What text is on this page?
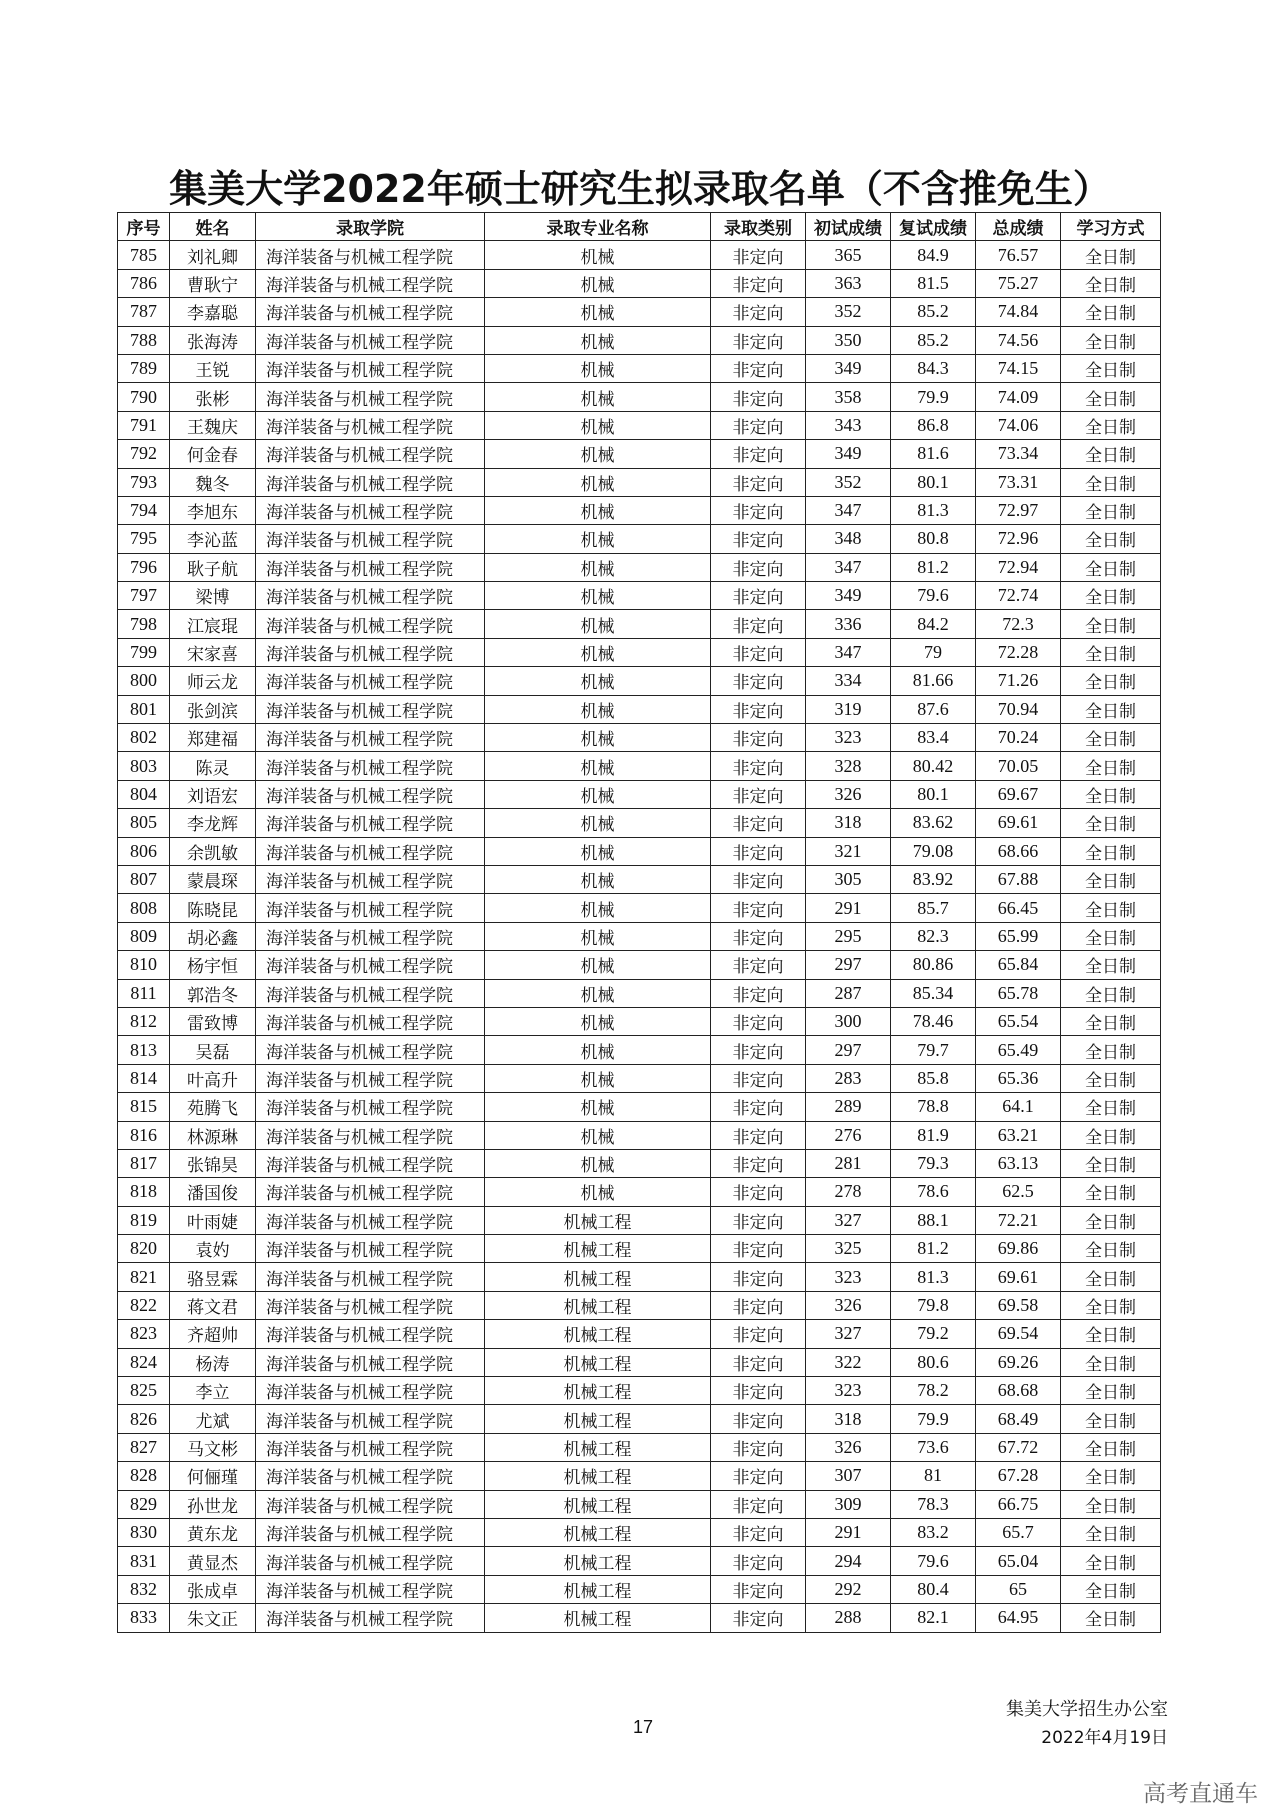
集美大学2022年硕士研究生拟录取名单（不含推免生）
序号	姓名	录取学院	录取专业名称	录取类别	初试成绩	复试成绩	总成绩	学习方式
785	刘礼卿	海洋装备与机械工程学院	机械	非定向	365	84.9	76.57	全日制
786	曹耿宁	海洋装备与机械工程学院	机械	非定向	363	81.5	75.27	全日制
787	李嘉聪	海洋装备与机械工程学院	机械	非定向	352	85.2	74.84	全日制
788	张海涛	海洋装备与机械工程学院	机械	非定向	350	85.2	74.56	全日制
789	王锐	海洋装备与机械工程学院	机械	非定向	349	84.3	74.15	全日制
790	张彬	海洋装备与机械工程学院	机械	非定向	358	79.9	74.09	全日制
791	王魏庆	海洋装备与机械工程学院	机械	非定向	343	86.8	74.06	全日制
792	何金春	海洋装备与机械工程学院	机械	非定向	349	81.6	73.34	全日制
793	魏冬	海洋装备与机械工程学院	机械	非定向	352	80.1	73.31	全日制
794	李旭东	海洋装备与机械工程学院	机械	非定向	347	81.3	72.97	全日制
795	李沁蓝	海洋装备与机械工程学院	机械	非定向	348	80.8	72.96	全日制
796	耿子航	海洋装备与机械工程学院	机械	非定向	347	81.2	72.94	全日制
797	梁博	海洋装备与机械工程学院	机械	非定向	349	79.6	72.74	全日制
798	江宸琨	海洋装备与机械工程学院	机械	非定向	336	84.2	72.3	全日制
799	宋家喜	海洋装备与机械工程学院	机械	非定向	347	79	72.28	全日制
800	师云龙	海洋装备与机械工程学院	机械	非定向	334	81.66	71.26	全日制
801	张剑滨	海洋装备与机械工程学院	机械	非定向	319	87.6	70.94	全日制
802	郑建福	海洋装备与机械工程学院	机械	非定向	323	83.4	70.24	全日制
803	陈灵	海洋装备与机械工程学院	机械	非定向	328	80.42	70.05	全日制
804	刘语宏	海洋装备与机械工程学院	机械	非定向	326	80.1	69.67	全日制
805	李龙辉	海洋装备与机械工程学院	机械	非定向	318	83.62	69.61	全日制
806	余凯敏	海洋装备与机械工程学院	机械	非定向	321	79.08	68.66	全日制
807	蒙晨琛	海洋装备与机械工程学院	机械	非定向	305	83.92	67.88	全日制
808	陈晓昆	海洋装备与机械工程学院	机械	非定向	291	85.7	66.45	全日制
809	胡必鑫	海洋装备与机械工程学院	机械	非定向	295	82.3	65.99	全日制
810	杨宇恒	海洋装备与机械工程学院	机械	非定向	297	80.86	65.84	全日制
811	郭浩冬	海洋装备与机械工程学院	机械	非定向	287	85.34	65.78	全日制
812	雷致博	海洋装备与机械工程学院	机械	非定向	300	78.46	65.54	全日制
813	吴磊	海洋装备与机械工程学院	机械	非定向	297	79.7	65.49	全日制
814	叶高升	海洋装备与机械工程学院	机械	非定向	283	85.8	65.36	全日制
815	苑腾飞	海洋装备与机械工程学院	机械	非定向	289	78.8	64.1	全日制
816	林源琳	海洋装备与机械工程学院	机械	非定向	276	81.9	63.21	全日制
817	张锦昊	海洋装备与机械工程学院	机械	非定向	281	79.3	63.13	全日制
818	潘国俊	海洋装备与机械工程学院	机械	非定向	278	78.6	62.5	全日制
819	叶雨婕	海洋装备与机械工程学院	机械工程	非定向	327	88.1	72.21	全日制
820	袁妁	海洋装备与机械工程学院	机械工程	非定向	325	81.2	69.86	全日制
821	骆昱霖	海洋装备与机械工程学院	机械工程	非定向	323	81.3	69.61	全日制
822	蒋文君	海洋装备与机械工程学院	机械工程	非定向	326	79.8	69.58	全日制
823	齐超帅	海洋装备与机械工程学院	机械工程	非定向	327	79.2	69.54	全日制
824	杨涛	海洋装备与机械工程学院	机械工程	非定向	322	80.6	69.26	全日制
825	李立	海洋装备与机械工程学院	机械工程	非定向	323	78.2	68.68	全日制
826	尤斌	海洋装备与机械工程学院	机械工程	非定向	318	79.9	68.49	全日制
827	马文彬	海洋装备与机械工程学院	机械工程	非定向	326	73.6	67.72	全日制
828	何俪瑾	海洋装备与机械工程学院	机械工程	非定向	307	81	67.28	全日制
829	孙世龙	海洋装备与机械工程学院	机械工程	非定向	309	78.3	66.75	全日制
830	黄东龙	海洋装备与机械工程学院	机械工程	非定向	291	83.2	65.7	全日制
831	黄显杰	海洋装备与机械工程学院	机械工程	非定向	294	79.6	65.04	全日制
832	张成卓	海洋装备与机械工程学院	机械工程	非定向	292	80.4	65	全日制
833	朱文正	海洋装备与机械工程学院	机械工程	非定向	288	82.1	64.95	全日制
17
集美大学招生办公室
2022年4月19日
高考直通车
